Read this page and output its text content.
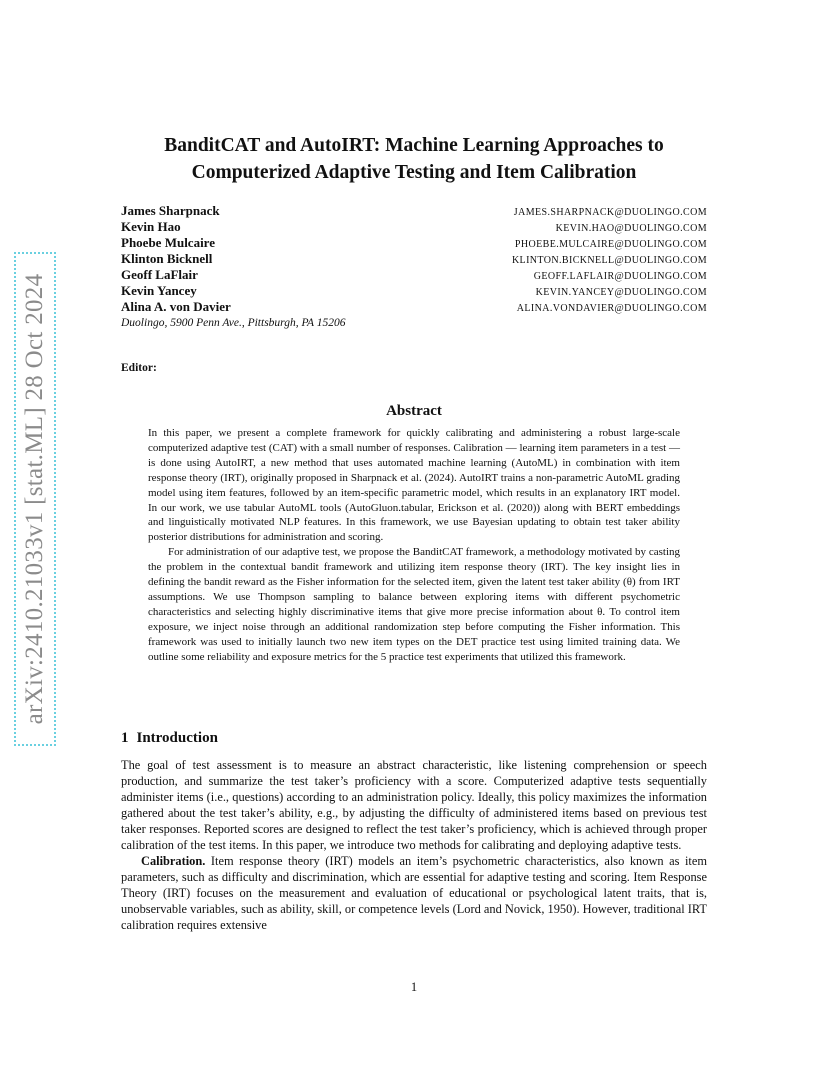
arXiv:2410.21033v1 [stat.ML] 28 Oct 2024
BanditCAT and AutoIRT: Machine Learning Approaches to
Computerized Adaptive Testing and Item Calibration
James Sharpnack	JAMES.SHARPNACK@DUOLINGO.COM
Kevin Hao	KEVIN.HAO@DUOLINGO.COM
Phoebe Mulcaire	PHOEBE.MULCAIRE@DUOLINGO.COM
Klinton Bicknell	KLINTON.BICKNELL@DUOLINGO.COM
Geoff LaFlair	GEOFF.LAFLAIR@DUOLINGO.COM
Kevin Yancey	KEVIN.YANCEY@DUOLINGO.COM
Alina A. von Davier	ALINA.VONDAVIER@DUOLINGO.COM
Duolingo, 5900 Penn Ave., Pittsburgh, PA 15206
Editor:
Abstract

In this paper, we present a complete framework for quickly calibrating and administering a robust large-scale computerized adaptive test (CAT) with a small number of responses. Calibration — learning item parameters in a test — is done using AutoIRT, a new method that uses automated machine learning (AutoML) in combination with item response theory (IRT), originally proposed in Sharpnack et al. (2024). AutoIRT trains a non-parametric AutoML grading model using item features, followed by an item-specific parametric model, which results in an explanatory IRT model. In our work, we use tabular AutoML tools (AutoGluon.tabular, Erickson et al. (2020)) along with BERT embeddings and linguistically motivated NLP features. In this framework, we use Bayesian updating to obtain test taker ability posterior distributions for administration and scoring.

For administration of our adaptive test, we propose the BanditCAT framework, a methodology motivated by casting the problem in the contextual bandit framework and utilizing item response theory (IRT). The key insight lies in defining the bandit reward as the Fisher information for the selected item, given the latent test taker ability (θ) from IRT assumptions. We use Thompson sampling to balance between exploring items with different psychometric characteristics and selecting highly discriminative items that give more precise information about θ. To control item exposure, we inject noise through an additional randomization step before computing the Fisher information. This framework was used to initially launch two new item types on the DET practice test using limited training data. We outline some reliability and exposure metrics for the 5 practice test experiments that utilized this framework.

1 Introduction

The goal of test assessment is to measure an abstract characteristic, like listening comprehension or speech production, and summarize the test taker’s proficiency with a score. Computerized adaptive tests sequentially administer items (i.e., questions) according to an administration policy. Ideally, this policy maximizes the information gathered about the test taker’s ability, e.g., by adjusting the difficulty of administered items based on previous test taker responses. Reported scores are designed to reflect the test taker’s proficiency, which is achieved through proper calibration of the test items. In this paper, we introduce two methods for calibrating and deploying adaptive tests.

Calibration. Item response theory (IRT) models an item’s psychometric characteristics, also known as item parameters, such as difficulty and discrimination, which are essential for adaptive testing and scoring. Item Response Theory (IRT) focuses on the measurement and evaluation of educational or psychological latent traits, that is, unobservable variables, such as ability, skill, or competence levels (Lord and Novick, 1950). However, traditional IRT calibration requires extensive

1
